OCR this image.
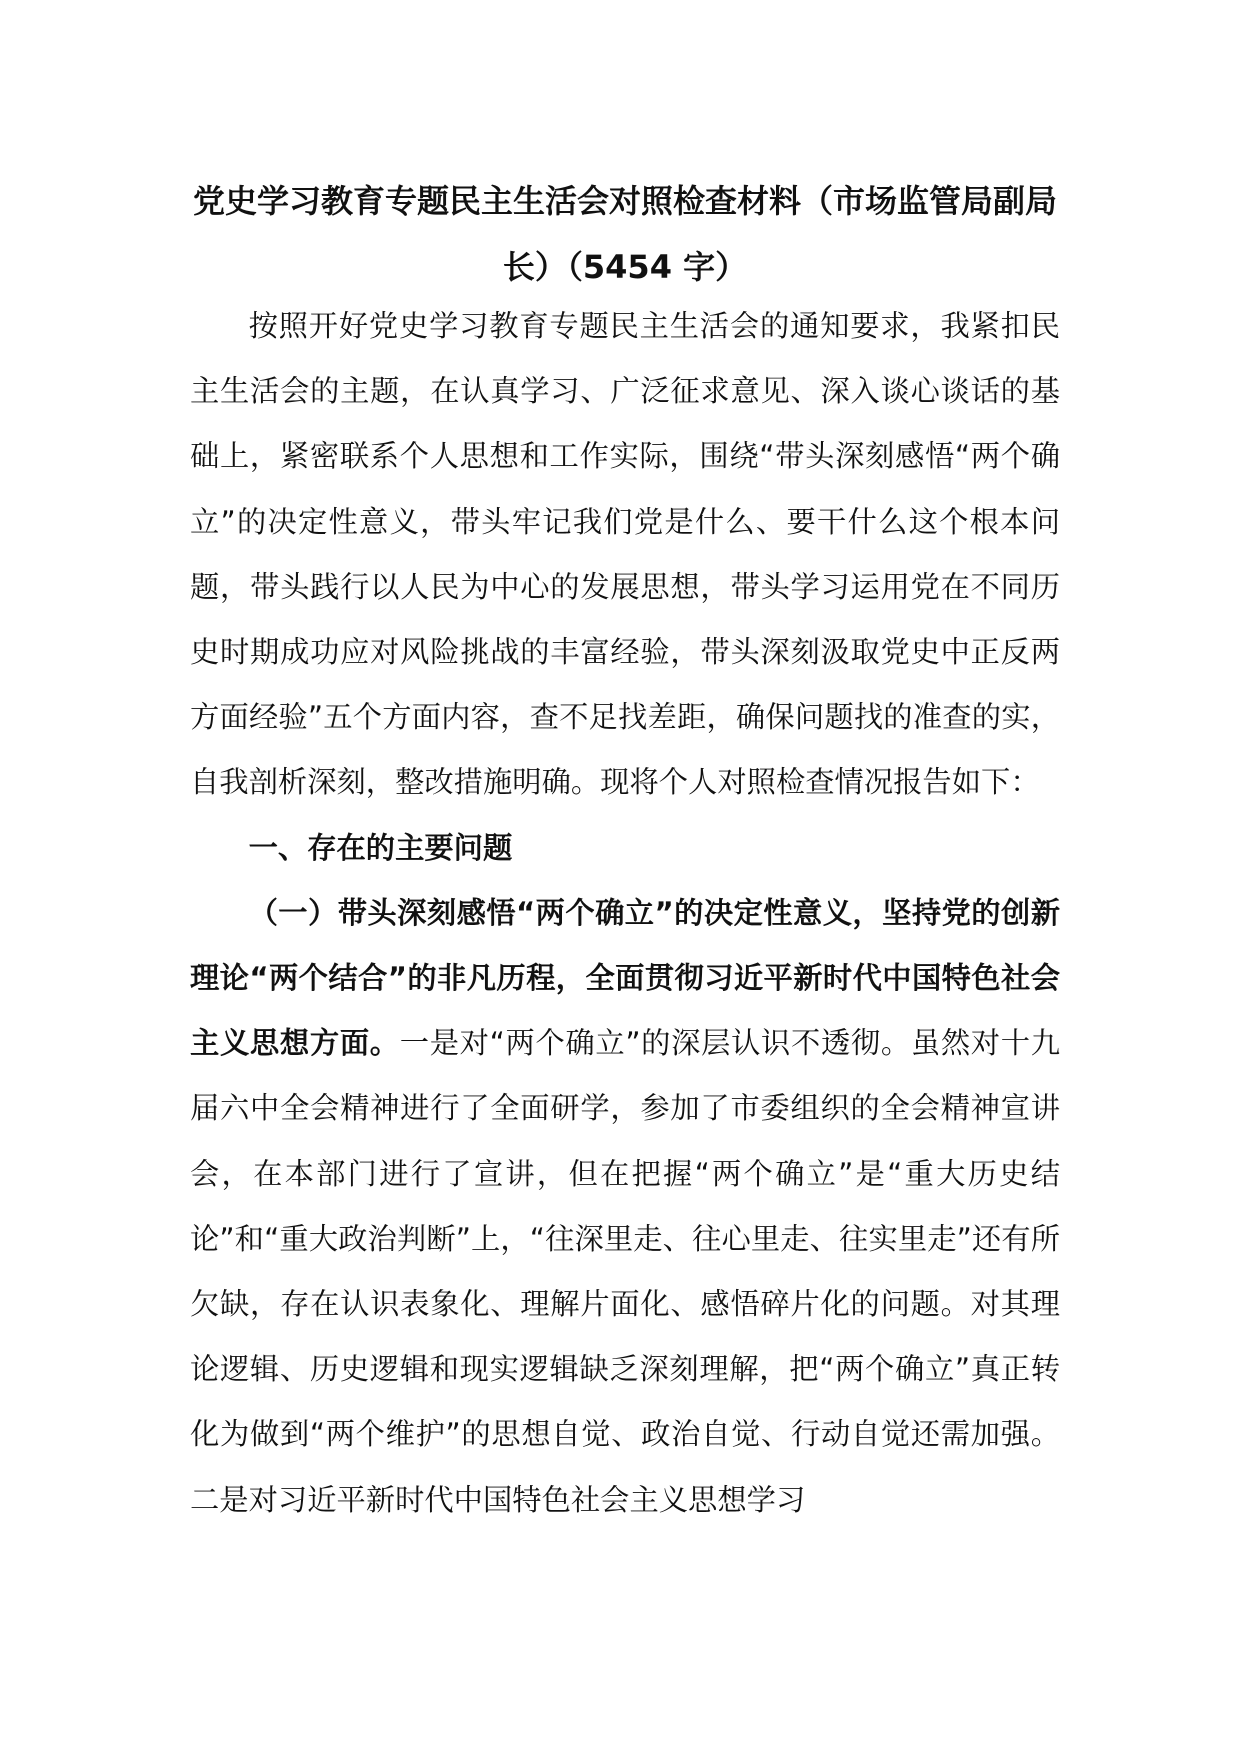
党史学习教育专题民主生活会对照检查材料（市场监管局副局长）（5454 字）

按照开好党史学习教育专题民主生活会的通知要求，我紧扣民主生活会的主题，在认真学习、广泛征求意见、深入谈心谈话的基础上，紧密联系个人思想和工作实际，围绕“带头深刻感悟“两个确立”的决定性意义，带头牢记我们党是什么、要干什么这个根本问题，带头践行以人民为中心的发展思想，带头学习运用党在不同历史时期成功应对风险挑战的丰富经验，带头深刻汲取党史中正反两方面经验”五个方面内容，查不足找差距，确保问题找的准查的实，自我剖析深刻，整改措施明确。现将个人对照检查情况报告如下：

一、存在的主要问题

（一）带头深刻感悟“两个确立”的决定性意义，坚持党的创新理论“两个结合”的非凡历程，全面贯彻习近平新时代中国特色社会主义思想方面。一是对“两个确立”的深层认识不透彻。虽然对十九届六中全会精神进行了全面研学，参加了市委组织的全会精神宣讲会，在本部门进行了宣讲，但在把握“两个确立”是“重大历史结论”和“重大政治判断”上，“往深里走、往心里走、往实里走”还有所欠缺，存在认识表象化、理解片面化、感悟碎片化的问题。对其理论逻辑、历史逻辑和现实逻辑缺乏深刻理解，把“两个确立”真正转化为做到“两个维护”的思想自觉、政治自觉、行动自觉还需加强。二是对习近平新时代中国特色社会主义思想学习
